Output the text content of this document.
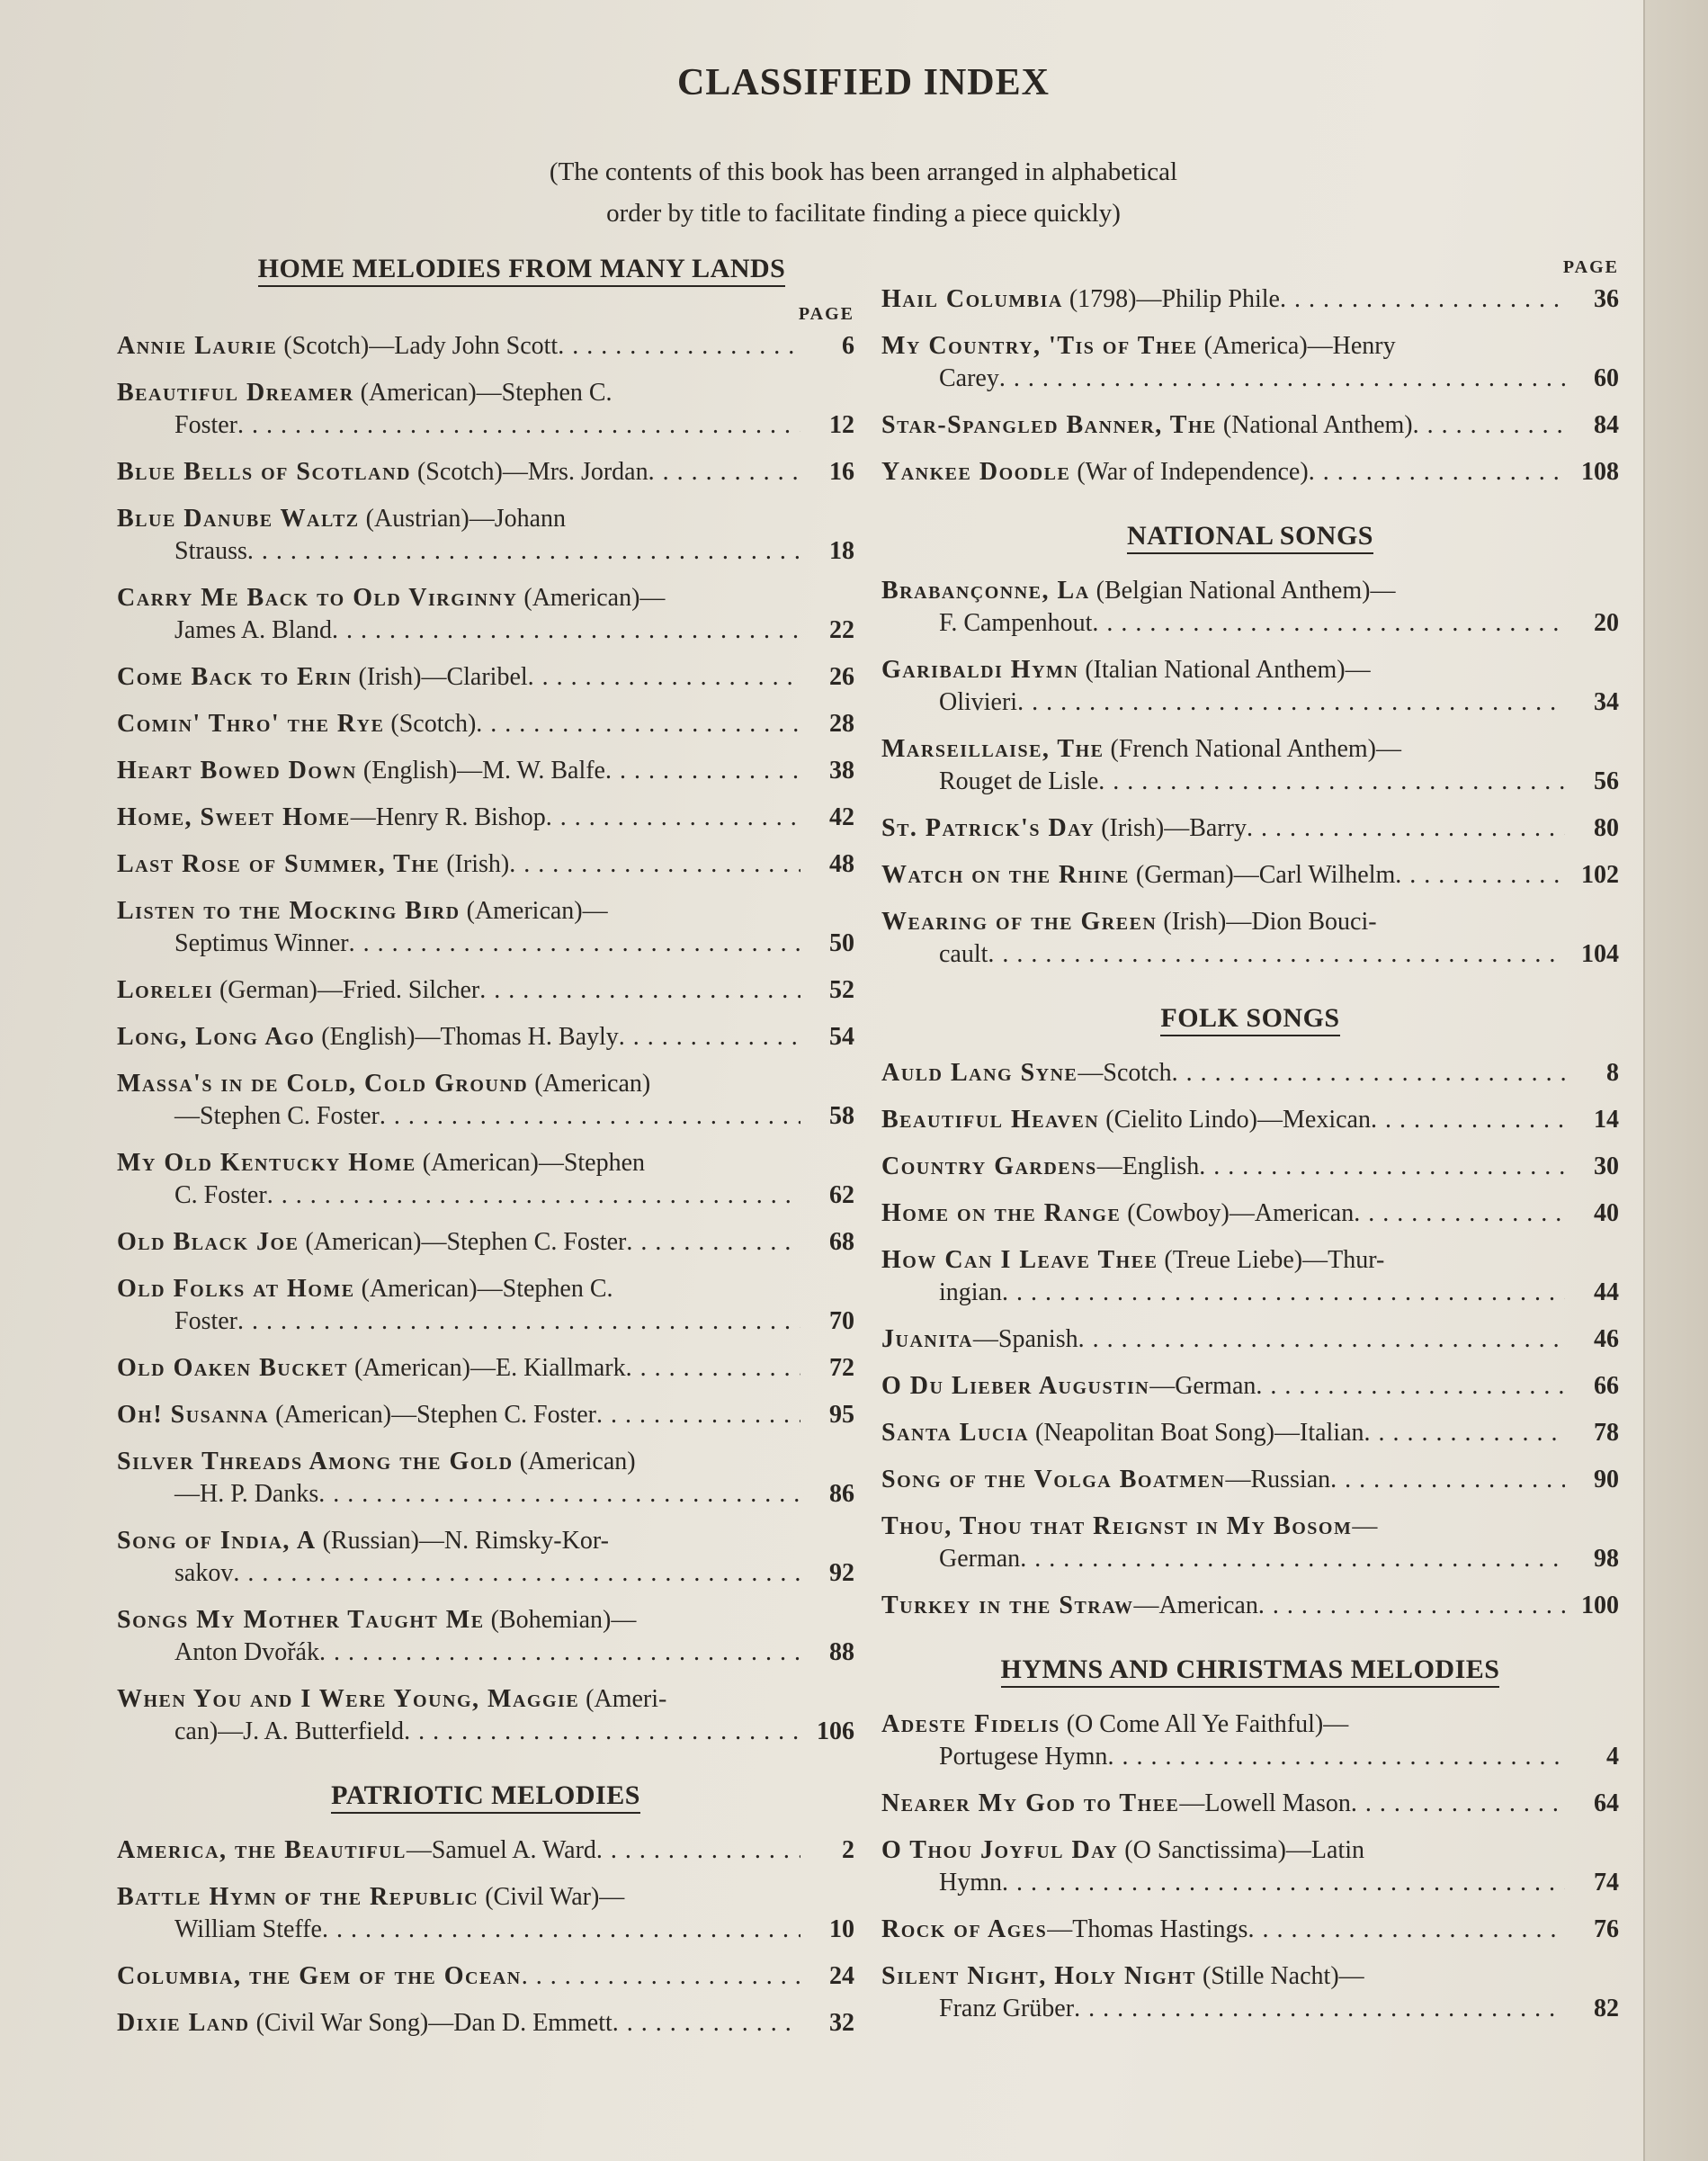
CLASSIFIED INDEX
(The contents of this book has been arranged in alphabetical
order by title to facilitate finding a piece quickly)
HOME MELODIES FROM MANY LANDS
PAGE
Annie Laurie (Scotch)—Lady John Scott . . .	6
Beautiful Dreamer (American)—Stephen C.
Foster . . .	12
Blue Bells of Scotland (Scotch)—Mrs. Jordan . . .	16
Blue Danube Waltz (Austrian)—Johann
Strauss . . .	18
Carry Me Back to Old Virginny (American)—
James A. Bland . . .	22
Come Back to Erin (Irish)—Claribel . . .	26
Comin' Thro' the Rye (Scotch) . . .	28
Heart Bowed Down (English)—M. W. Balfe . . .	38
Home, Sweet Home—Henry R. Bishop . . .	42
Last Rose of Summer, The (Irish) . . .	48
Listen to the Mocking Bird (American)—
Septimus Winner . . .	50
Lorelei (German)—Fried. Silcher . . .	52
Long, Long Ago (English)—Thomas H. Bayly . . .	54
Massa's in de Cold, Cold Ground (American)
—Stephen C. Foster . . .	58
My Old Kentucky Home (American)—Stephen
C. Foster . . .	62
Old Black Joe (American)—Stephen C. Foster . . .	68
Old Folks at Home (American)—Stephen C.
Foster . . .	70
Old Oaken Bucket (American)—E. Kiallmark . . .	72
Oh! Susanna (American)—Stephen C. Foster . . .	95
Silver Threads Among the Gold (American)
—H. P. Danks . . .	86
Song of India, A (Russian)—N. Rimsky-Kor-
sakov . . .	92
Songs My Mother Taught Me (Bohemian)—
Anton Dvořák . . .	88
When You and I Were Young, Maggie (Ameri-
can)—J. A. Butterfield . . .	106
PATRIOTIC MELODIES
America, the Beautiful—Samuel A. Ward . . .	2
Battle Hymn of the Republic (Civil War)—
William Steffe . . .	10
Columbia, the Gem of the Ocean . . .	24
Dixie Land (Civil War Song)—Dan D. Emmett . . .	32
PAGE
Hail Columbia (1798)—Philip Phile . . .	36
My Country, 'Tis of Thee (America)—Henry
Carey . . .	60
Star-Spangled Banner, The (National Anthem) . . .	84
Yankee Doodle (War of Independence) . . .	108
NATIONAL SONGS
Brabançonne, La (Belgian National Anthem)—
F. Campenhout . . .	20
Garibaldi Hymn (Italian National Anthem)—
Olivieri . . .	34
Marseillaise, The (French National Anthem)—
Rouget de Lisle . . .	56
St. Patrick's Day (Irish)—Barry . . .	80
Watch on the Rhine (German)—Carl Wilhelm . . .	102
Wearing of the Green (Irish)—Dion Bouci-
cault . . .	104
FOLK SONGS
Auld Lang Syne—Scotch . . .	8
Beautiful Heaven (Cielito Lindo)—Mexican . . .	14
Country Gardens—English . . .	30
Home on the Range (Cowboy)—American . . .	40
How Can I Leave Thee (Treue Liebe)—Thur-
ingian . . .	44
Juanita—Spanish . . .	46
O Du Lieber Augustin—German . . .	66
Santa Lucia (Neapolitan Boat Song)—Italian . . .	78
Song of the Volga Boatmen—Russian . . .	90
Thou, Thou that Reignst in My Bosom—
German . . .	98
Turkey in the Straw—American . . .	100
HYMNS AND CHRISTMAS MELODIES
Adeste Fidelis (O Come All Ye Faithful)—
Portugese Hymn . . .	4
Nearer My God to Thee—Lowell Mason . . .	64
O Thou Joyful Day (O Sanctissima)—Latin
Hymn . . .	74
Rock of Ages—Thomas Hastings . . .	76
Silent Night, Holy Night (Stille Nacht)—
Franz Grüber . . .	82
